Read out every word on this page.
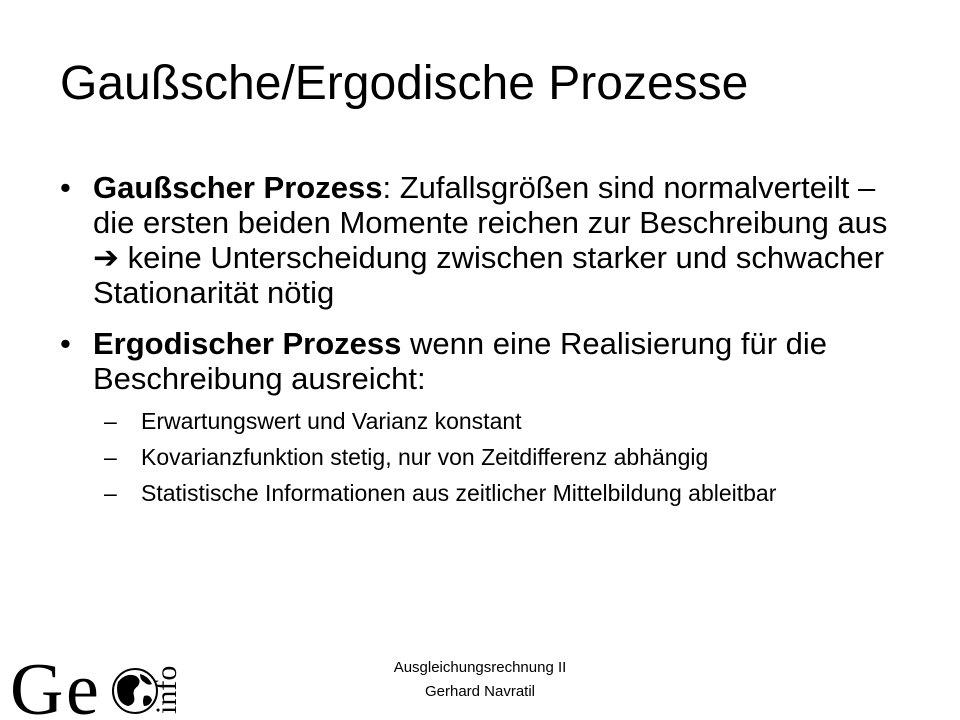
Gaußsche/Ergodische Prozesse
• Gaußscher Prozess: Zufallsgrößen sind normalverteilt – die ersten beiden Momente reichen zur Beschreibung aus ➔ keine Unterscheidung zwischen starker und schwacher Stationarität nötig
• Ergodischer Prozess wenn eine Realisierung für die Beschreibung ausreicht:
– Erwartungswert und Varianz konstant
– Kovarianzfunktion stetig, nur von Zeitdifferenz abhängig
– Statistische Informationen aus zeitlicher Mittelbildung ableitbar
G e info	Ausgleichungsrechnung II
Gerhard Navratil
